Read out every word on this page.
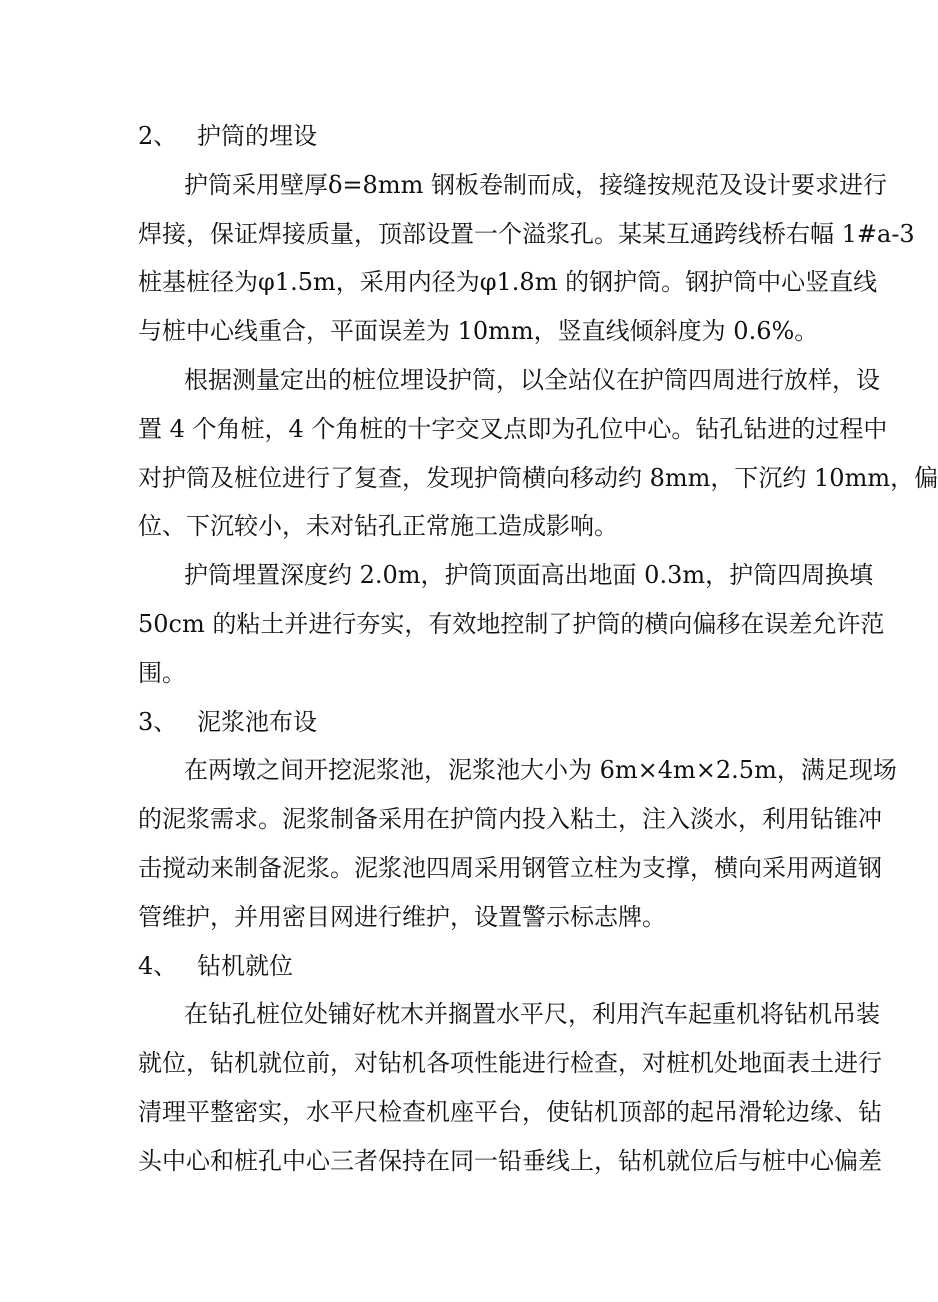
2、 护筒的埋设
护筒采用壁厚δ=8mm 钢板卷制而成，接缝按规范及设计要求进行
焊接，保证焊接质量，顶部设置一个溢浆孔。某某互通跨线桥右幅 1#a-3
桩基桩径为φ1.5m，采用内径为φ1.8m 的钢护筒。钢护筒中心竖直线
与桩中心线重合，平面误差为 10mm，竖直线倾斜度为 0.6%。
根据测量定出的桩位埋设护筒，以全站仪在护筒四周进行放样，设
置 4 个角桩，4 个角桩的十字交叉点即为孔位中心。钻孔钻进的过程中
对护筒及桩位进行了复查，发现护筒横向移动约 8mm，下沉约 10mm，偏
位、下沉较小，未对钻孔正常施工造成影响。
护筒埋置深度约 2.0m，护筒顶面高出地面 0.3m，护筒四周换填
50cm 的粘土并进行夯实，有效地控制了护筒的横向偏移在误差允许范
围。
3、 泥浆池布设
在两墩之间开挖泥浆池，泥浆池大小为 6m×4m×2.5m，满足现场
的泥浆需求。泥浆制备采用在护筒内投入粘土，注入淡水，利用钻锥冲
击搅动来制备泥浆。泥浆池四周采用钢管立柱为支撑，横向采用两道钢
管维护，并用密目网进行维护，设置警示标志牌。
4、 钻机就位
在钻孔桩位处铺好枕木并搁置水平尺，利用汽车起重机将钻机吊装
就位，钻机就位前，对钻机各项性能进行检查，对桩机处地面表土进行
清理平整密实，水平尺检查机座平台，使钻机顶部的起吊滑轮边缘、钻
头中心和桩孔中心三者保持在同一铅垂线上，钻机就位后与桩中心偏差
